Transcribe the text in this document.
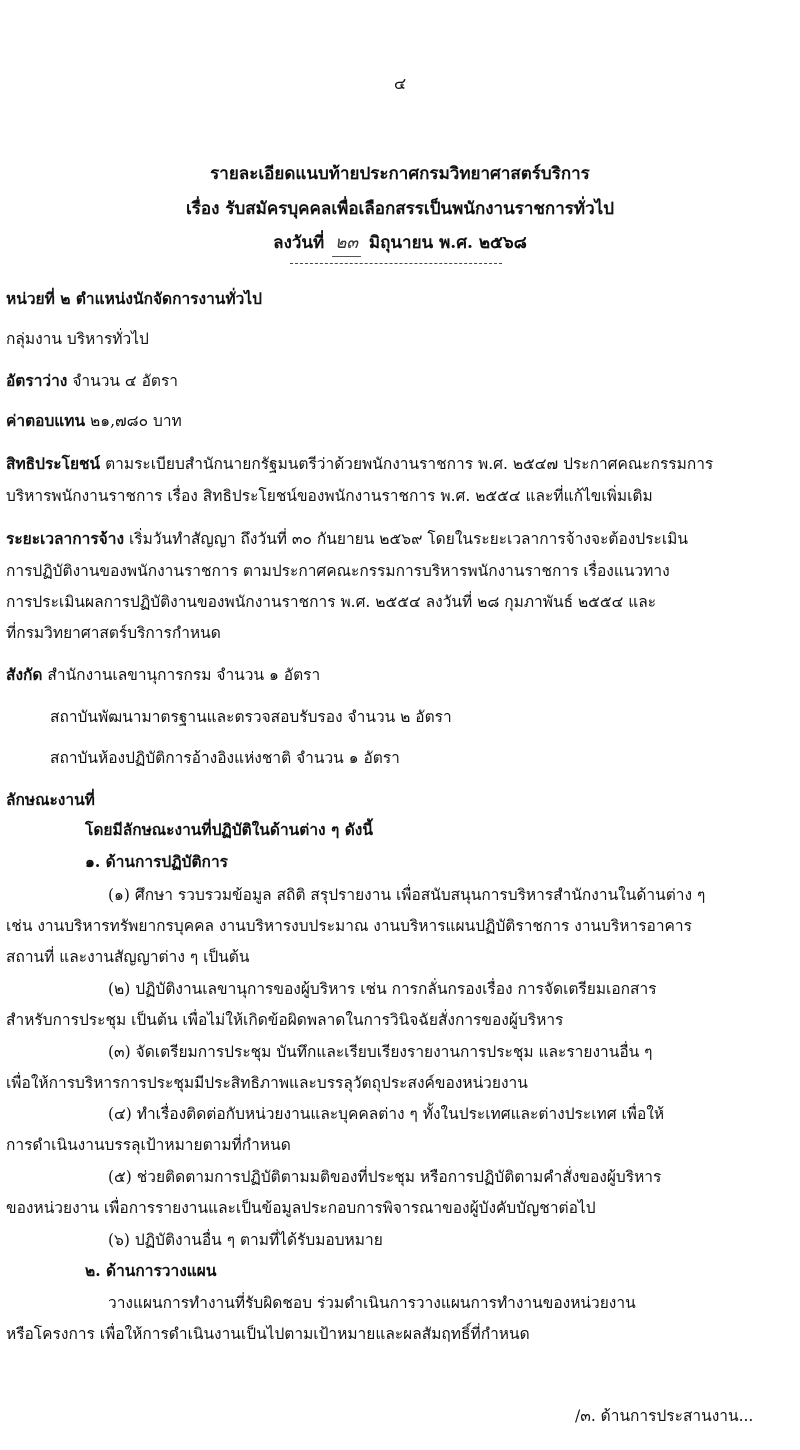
๔
รายละเอียดแนบท้ายประกาศกรมวิทยาศาสตร์บริการ
เรื่อง รับสมัครบุคคลเพื่อเลือกสรรเป็นพนักงานราชการทั่วไป
ลงวันที่ ๒๓ มิถุนายน พ.ศ. ๒๕๖๘
หน่วยที่ ๒ ตำแหน่งนักจัดการงานทั่วไป
กลุ่มงาน บริหารทั่วไป
อัตราว่าง จำนวน ๔ อัตรา
ค่าตอบแทน ๒๑,๗๘๐ บาท
สิทธิประโยชน์ ตามระเบียบสำนักนายกรัฐมนตรีว่าด้วยพนักงานราชการ พ.ศ. ๒๕๔๗ ประกาศคณะกรรมการ
บริหารพนักงานราชการ เรื่อง สิทธิประโยชน์ของพนักงานราชการ พ.ศ. ๒๕๕๔ และที่แก้ไขเพิ่มเติม
ระยะเวลาการจ้าง เริ่มวันทำสัญญา ถึงวันที่ ๓๐ กันยายน ๒๕๖๙ โดยในระยะเวลาการจ้างจะต้องประเมิน
การปฏิบัติงานของพนักงานราชการ ตามประกาศคณะกรรมการบริหารพนักงานราชการ เรื่องแนวทาง
การประเมินผลการปฏิบัติงานของพนักงานราชการ พ.ศ. ๒๕๕๔ ลงวันที่ ๒๘ กุมภาพันธ์ ๒๕๕๔ และ
ที่กรมวิทยาศาสตร์บริการกำหนด
สังกัด สำนักงานเลขานุการกรม จำนวน ๑ อัตรา
สถาบันพัฒนามาตรฐานและตรวจสอบรับรอง จำนวน ๒ อัตรา
สถาบันห้องปฏิบัติการอ้างอิงแห่งชาติ จำนวน ๑ อัตรา
ลักษณะงานที่
โดยมีลักษณะงานที่ปฏิบัติในด้านต่าง ๆ ดังนี้
๑. ด้านการปฏิบัติการ
(๑) ศึกษา รวบรวมข้อมูล สถิติ สรุปรายงาน เพื่อสนับสนุนการบริหารสำนักงานในด้านต่าง ๆ
เช่น งานบริหารทรัพยากรบุคคล งานบริหารงบประมาณ งานบริหารแผนปฏิบัติราชการ งานบริหารอาคาร
สถานที่ และงานสัญญาต่าง ๆ เป็นต้น
(๒) ปฏิบัติงานเลขานุการของผู้บริหาร เช่น การกลั่นกรองเรื่อง การจัดเตรียมเอกสาร
สำหรับการประชุม เป็นต้น เพื่อไม่ให้เกิดข้อผิดพลาดในการวินิจฉัยสั่งการของผู้บริหาร
(๓) จัดเตรียมการประชุม บันทึกและเรียบเรียงรายงานการประชุม และรายงานอื่น ๆ
เพื่อให้การบริหารการประชุมมีประสิทธิภาพและบรรลุวัตถุประสงค์ของหน่วยงาน
(๔) ทำเรื่องติดต่อกับหน่วยงานและบุคคลต่าง ๆ ทั้งในประเทศและต่างประเทศ เพื่อให้
การดำเนินงานบรรลุเป้าหมายตามที่กำหนด
(๕) ช่วยติดตามการปฏิบัติตามมติของที่ประชุม หรือการปฏิบัติตามคำสั่งของผู้บริหาร
ของหน่วยงาน เพื่อการรายงานและเป็นข้อมูลประกอบการพิจารณาของผู้บังคับบัญชาต่อไป
(๖) ปฏิบัติงานอื่น ๆ ตามที่ได้รับมอบหมาย
๒. ด้านการวางแผน
วางแผนการทำงานที่รับผิดชอบ ร่วมดำเนินการวางแผนการทำงานของหน่วยงาน
หรือโครงการ เพื่อให้การดำเนินงานเป็นไปตามเป้าหมายและผลสัมฤทธิ์ที่กำหนด
/๓. ด้านการประสานงาน...
